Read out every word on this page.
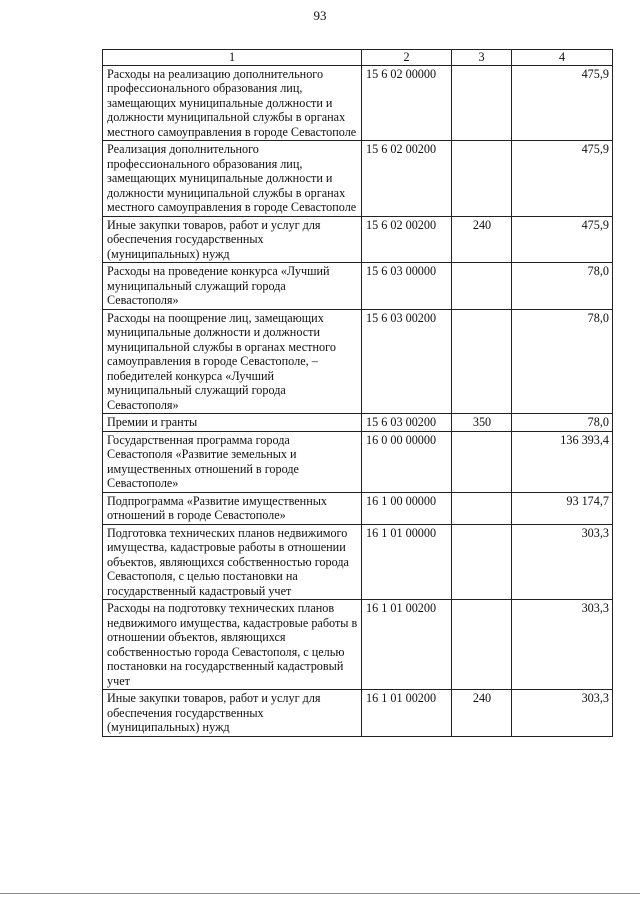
93
1	2	3	4
Расходы на реализацию дополнительного профессионального образования лиц, замещающих муниципальные должности и должности муниципальной службы в органах местного самоуправления в городе Севастополе	15 6 02 00000		475,9
Реализация дополнительного профессионального образования лиц, замещающих муниципальные должности и должности муниципальной службы в органах местного самоуправления в городе Севастополе	15 6 02 00200		475,9
Иные закупки товаров, работ и услуг для обеспечения государственных (муниципальных) нужд	15 6 02 00200	240	475,9
Расходы на проведение конкурса «Лучший муниципальный служащий города Севастополя»	15 6 03 00000		78,0
Расходы на поощрение лиц, замещающих муниципальные должности и должности муниципальной службы в органах местного самоуправления в городе Севастополе, – победителей конкурса «Лучший муниципальный служащий города Севастополя»	15 6 03 00200		78,0
Премии и гранты	15 6 03 00200	350	78,0
Государственная программа города Севастополя «Развитие земельных и имущественных отношений в городе Севастополе»	16 0 00 00000		136 393,4
Подпрограмма «Развитие имущественных отношений в городе Севастополе»	16 1 00 00000		93 174,7
Подготовка технических планов недвижимого имущества, кадастровые работы в отношении объектов, являющихся собственностью города Севастополя, с целью постановки на государственный кадастровый учет	16 1 01 00000		303,3
Расходы на подготовку технических планов недвижимого имущества, кадастровые работы в отношении объектов, являющихся собственностью города Севастополя, с целью постановки на государственный кадастровый учет	16 1 01 00200		303,3
Иные закупки товаров, работ и услуг для обеспечения государственных (муниципальных) нужд	16 1 01 00200	240	303,3
